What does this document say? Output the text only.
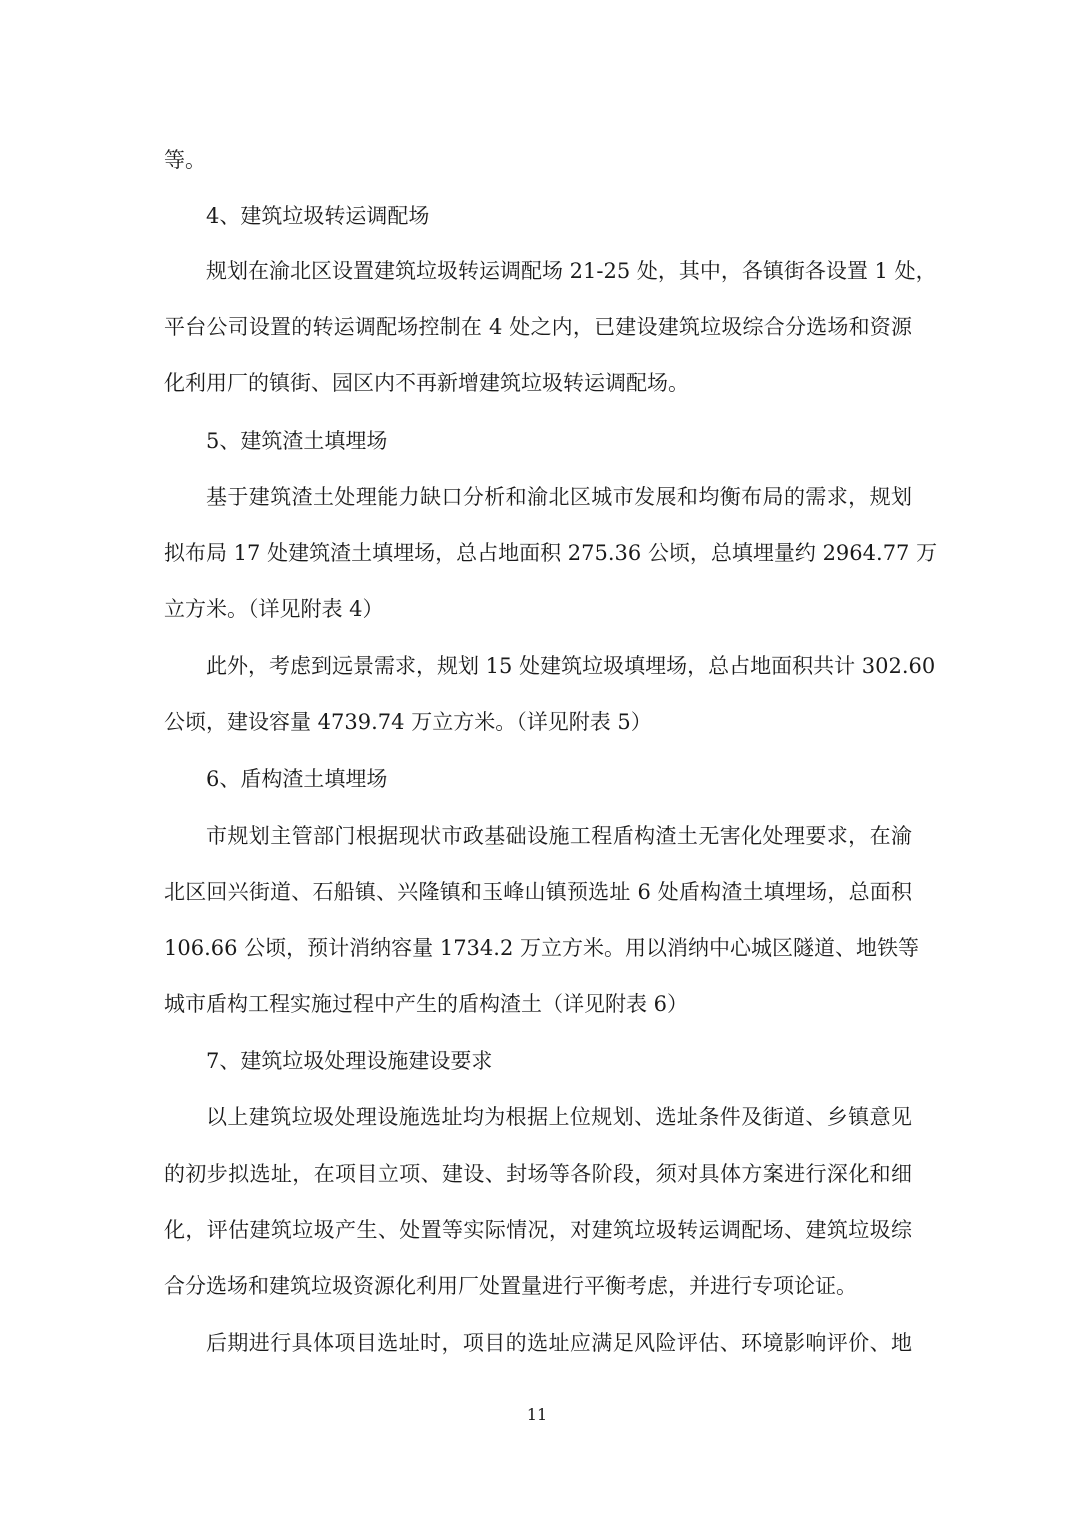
等。
4、建筑垃圾转运调配场
规划在渝北区设置建筑垃圾转运调配场 21-25 处，其中，各镇街各设置 1 处，
平台公司设置的转运调配场控制在 4 处之内，已建设建筑垃圾综合分选场和资源
化利用厂的镇街、园区内不再新增建筑垃圾转运调配场。
5、建筑渣土填埋场
基于建筑渣土处理能力缺口分析和渝北区城市发展和均衡布局的需求，规划
拟布局 17 处建筑渣土填埋场，总占地面积 275.36 公顷，总填埋量约 2964.77 万
立方米。（详见附表 4）
此外，考虑到远景需求，规划 15 处建筑垃圾填埋场，总占地面积共计 302.60
公顷，建设容量 4739.74 万立方米。（详见附表 5）
6、盾构渣土填埋场
市规划主管部门根据现状市政基础设施工程盾构渣土无害化处理要求，在渝
北区回兴街道、石船镇、兴隆镇和玉峰山镇预选址 6 处盾构渣土填埋场，总面积
106.66 公顷，预计消纳容量 1734.2 万立方米。用以消纳中心城区隧道、地铁等
城市盾构工程实施过程中产生的盾构渣土（详见附表 6）
7、建筑垃圾处理设施建设要求
以上建筑垃圾处理设施选址均为根据上位规划、选址条件及街道、乡镇意见
的初步拟选址，在项目立项、建设、封场等各阶段，须对具体方案进行深化和细
化，评估建筑垃圾产生、处置等实际情况，对建筑垃圾转运调配场、建筑垃圾综
合分选场和建筑垃圾资源化利用厂处置量进行平衡考虑，并进行专项论证。
后期进行具体项目选址时，项目的选址应满足风险评估、环境影响评价、地
11
